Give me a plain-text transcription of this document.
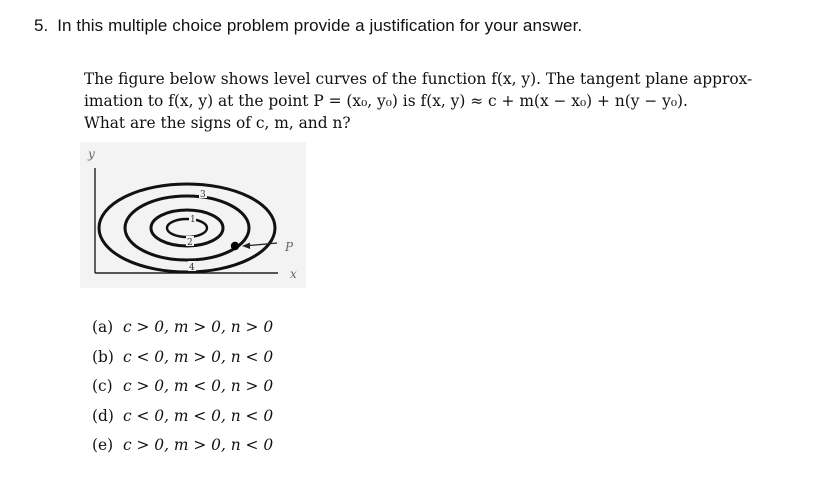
5. In this multiple choice problem provide a justification for your answer.
The figure below shows level curves of the function f(x, y). The tangent plane approx-
imation to f(x, y) at the point P = (x₀, y₀) is f(x, y) ≈ c + m(x − x₀) + n(y − y₀).
What are the signs of c, m, and n?
y
x
3
1
2
4
P
(a) c > 0, m > 0, n > 0
(b) c < 0, m > 0, n < 0
(c) c > 0, m < 0, n > 0
(d) c < 0, m < 0, n < 0
(e) c > 0, m > 0, n < 0
